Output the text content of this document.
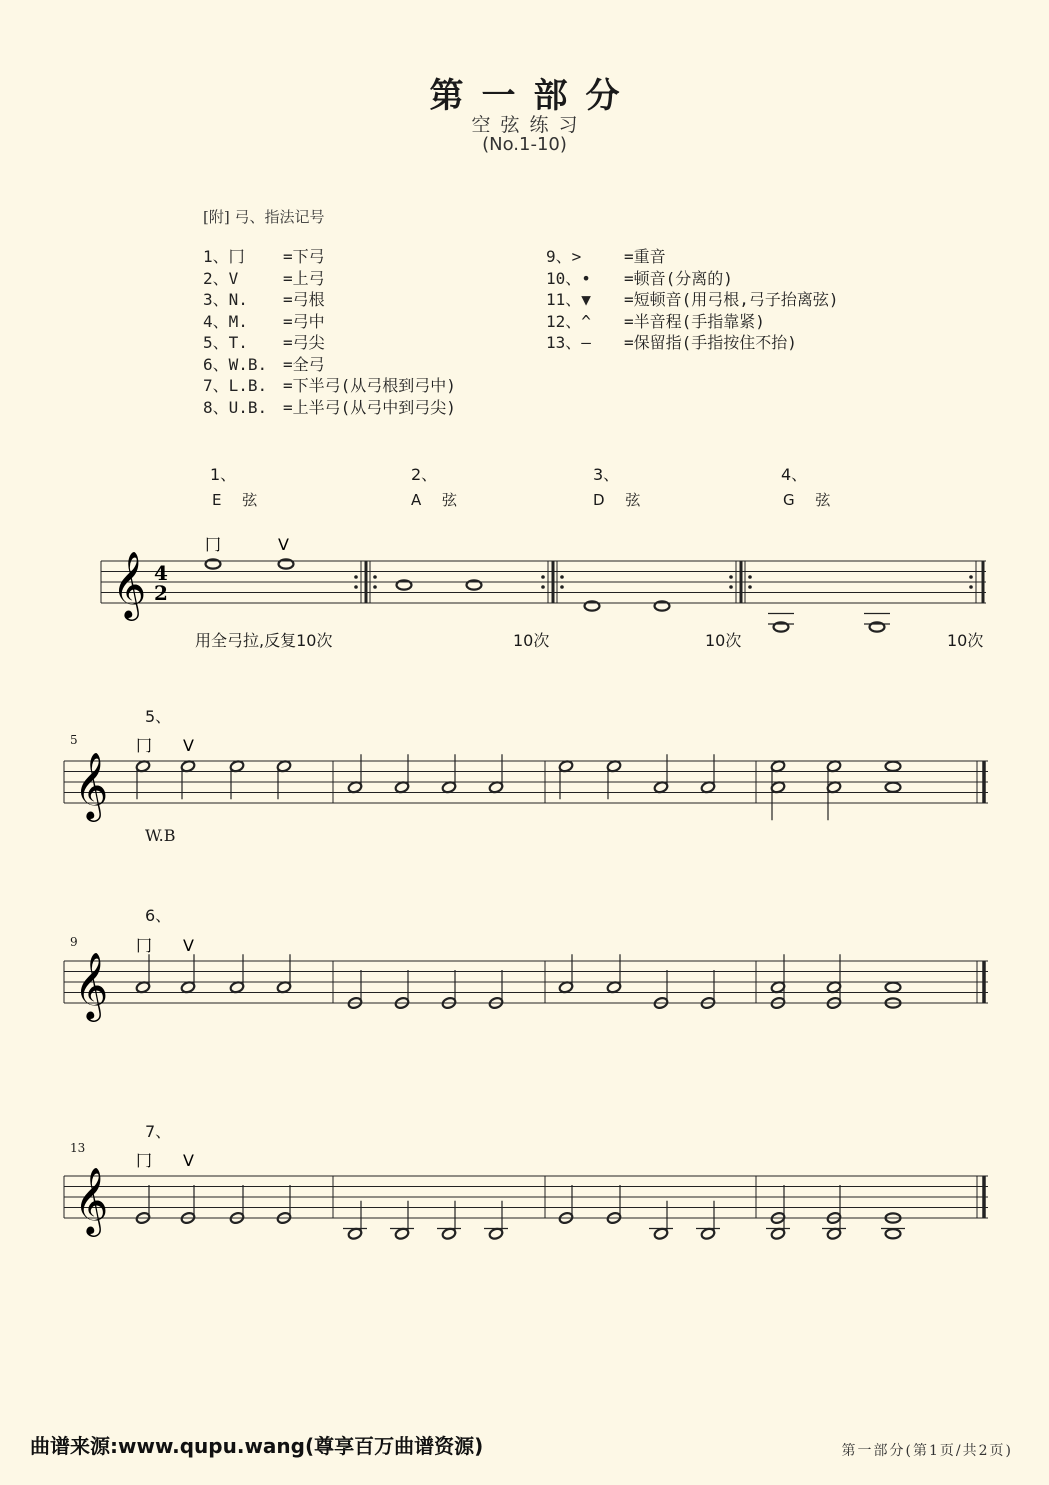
第一部分
空弦练习
(No.1-10)
[附] 弓、指法记号
1、冂 =下弓
2、V	=上弓
3、N. =弓根
4、M. =弓中
5、T. =弓尖
6、W.B. =全弓
7、L.B. =下半弓(从弓根到弓中)
8、U.B. =上半弓(从弓中到弓尖)
9、>	=重音
10、• =顿音(分离的)
11、▼ =短顿音(用弓根,弓子抬离弦)
12、^ =半音程(手指靠紧)
13、— =保留指(手指按住不抬)
1、
E 弦
2、
A 弦
3、
D 弦
4、
G 弦
𝄞 4
2
冂	V
用全弓拉,反复10次	10次	10次	10次
5、
5
W.B
𝄞
冂 V
6、
9
𝄞
冂 V
7、
13
𝄞
冂 V
曲谱来源:www.qupu.wang(尊享百万曲谱资源)	第一部分(第1页/共2页)
